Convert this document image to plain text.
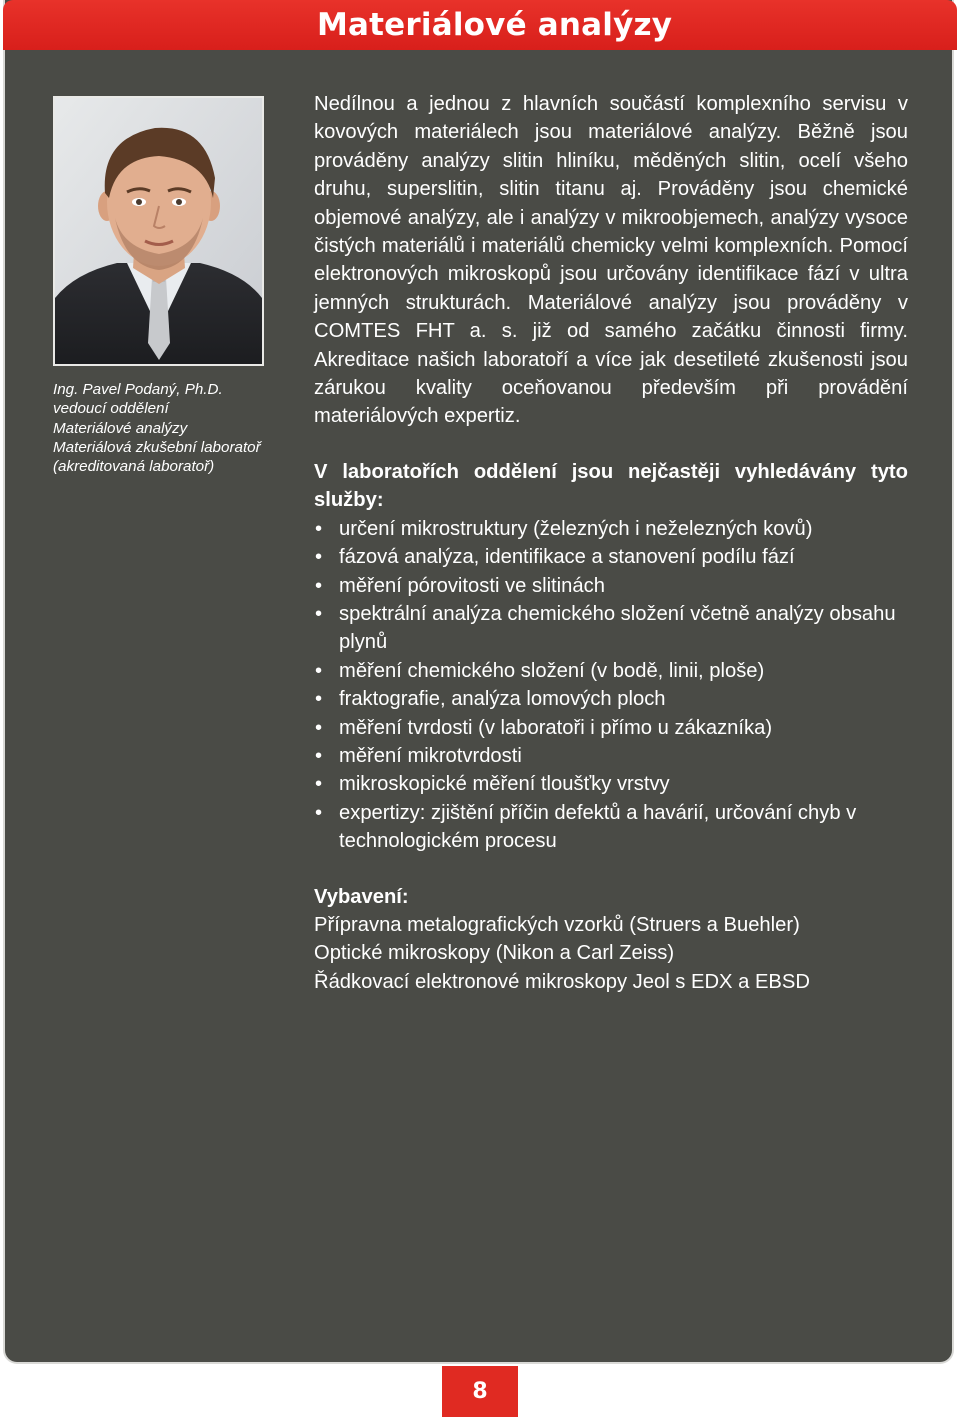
Materiálové analýzy
Ing. Pavel Podaný, Ph.D.
vedoucí oddělení
Materiálové analýzy
Materiálová zkušební laboratoř
(akreditovaná laboratoř)

Nedílnou a jednou z hlavních součástí komplexního servisu v kovových materiálech jsou materiálové analýzy. Běžně jsou prováděny analýzy slitin hliníku, měděných slitin, ocelí všeho druhu, superslitin, slitin titanu aj. Prováděny jsou chemické objemové analýzy, ale i analýzy v mikroobjemech, analýzy vysoce čistých materiálů i materiálů chemicky velmi komplexních. Pomocí elektronových mikroskopů jsou určovány identifikace fází v ultra jemných strukturách. Materiálové analýzy jsou prováděny v COMTES FHT a. s. již od samého začátku činnosti firmy. Akreditace našich laboratoří a více jak desetileté zkušenosti jsou zárukou kvality oceňovanou především při provádění materiálových expertiz.

V laboratořích oddělení jsou nejčastěji vyhledávány tyto služby:

• určení mikrostruktury (železných i neželezných kovů)
• fázová analýza, identifikace a stanovení podílu fází
• měření pórovitosti ve slitinách
• spektrální analýza chemického složení včetně analýzy obsahu plynů
• měření chemického složení (v bodě, linii, ploše)
• fraktografie, analýza lomových ploch
• měření tvrdosti (v laboratoři i přímo u zákazníka)
• měření mikrotvrdosti
• mikroskopické měření tloušťky vrstvy
• expertizy: zjištění příčin defektů a havárií, určování chyb v technologickém procesu

Vybavení:

Přípravna metalografických vzorků (Struers a Buehler)
Optické mikroskopy (Nikon a Carl Zeiss)
Řádkovací elektronové mikroskopy Jeol s EDX a EBSD
8
